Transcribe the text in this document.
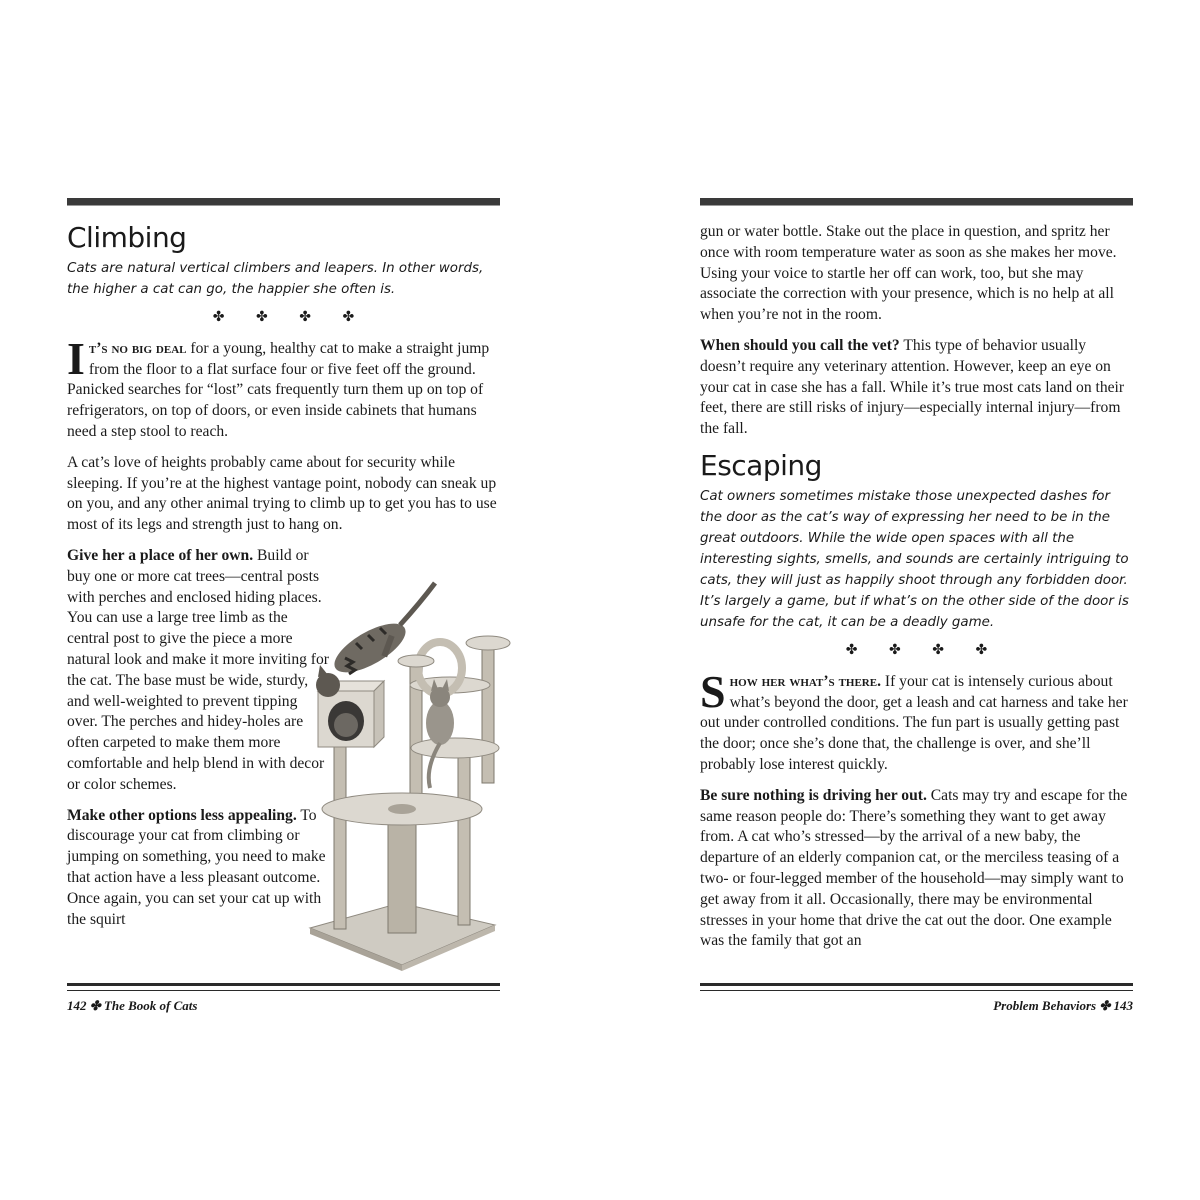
Climbing

Cats are natural vertical climbers and leapers. In other words, the higher a cat can go, the happier she often is.

✤ ✤ ✤ ✤

It’s no big deal for a young, healthy cat to make a straight jump from the floor to a flat surface four or five feet off the ground. Panicked searches for “lost” cats frequently turn them up on top of refrigerators, on top of doors, or even inside cabinets that humans need a step stool to reach.

A cat’s love of heights probably came about for security while sleeping. If you’re at the highest vantage point, nobody can sneak up on you, and any other animal trying to climb up to get you has to use most of its legs and strength just to hang on.

Give her a place of her own. Build or buy one or more cat trees—central posts with perches and enclosed hiding places. You can use a large tree limb as the central post to give the piece a more natural look and make it more inviting for the cat. The base must be wide, sturdy, and well-weighted to prevent tipping over. The perches and hidey-holes are often carpeted to make them more comfortable and help blend in with decor or color schemes.

Make other options less appealing. To discourage your cat from climbing or jumping on something, you need to make that action have a less pleasant outcome. Once again, you can set your cat up with the squirt

142 ✤ The Book of Cats

gun or water bottle. Stake out the place in question, and spritz her once with room temperature water as soon as she makes her move. Using your voice to startle her off can work, too, but she may associate the correction with your presence, which is no help at all when you’re not in the room.

When should you call the vet? This type of behavior usually doesn’t require any veterinary attention. However, keep an eye on your cat in case she has a fall. While it’s true most cats land on their feet, there are still risks of injury—especially internal injury—from the fall.

Escaping

Cat owners sometimes mistake those unexpected dashes for the door as the cat’s way of expressing her need to be in the great outdoors. While the wide open spaces with all the interesting sights, smells, and sounds are certainly intriguing to cats, they will just as happily shoot through any forbidden door. It’s largely a game, but if what’s on the other side of the door is unsafe for the cat, it can be a deadly game.

✤ ✤ ✤ ✤

Show her what’s there. If your cat is intensely curious about what’s beyond the door, get a leash and cat harness and take her out under controlled conditions. The fun part is usually getting past the door; once she’s done that, the challenge is over, and she’ll probably lose interest quickly.

Be sure nothing is driving her out. Cats may try and escape for the same reason people do: There’s something they want to get away from. A cat who’s stressed—by the arrival of a new baby, the departure of an elderly companion cat, or the merciless teasing of a two- or four-legged member of the household—may simply want to get away from it all. Occasionally, there may be environmental stresses in your home that drive the cat out the door. One example was the family that got an

Problem Behaviors ✤ 143
